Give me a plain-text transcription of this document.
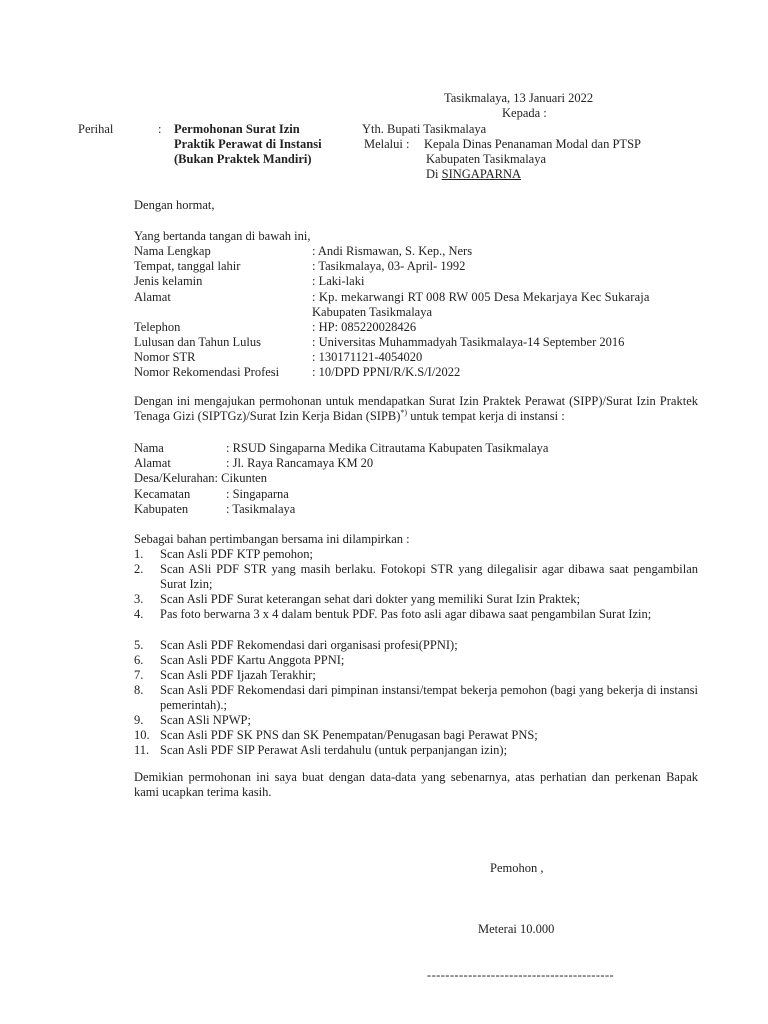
Tasikmalaya, 13 Januari 2022
Kepada :
Perihal	: Permohonan Surat Izin
Praktik Perawat di Instansi
(Bukan Praktek Mandiri)
Yth. Bupati Tasikmalaya
Melalui : Kepala Dinas Penanaman Modal dan PTSP
Kabupaten Tasikmalaya
Di SINGAPARNA
Dengan hormat,
Yang bertanda tangan di bawah ini,
Nama Lengkap	: Andi Rismawan, S. Kep., Ners
Tempat, tanggal lahir	: Tasikmalaya, 03- April- 1992
Jenis kelamin	: Laki-laki
Alamat	: Kp. mekarwangi RT 008 RW 005 Desa Mekarjaya Kec Sukaraja
Kabupaten Tasikmalaya
Telephon	: HP: 085220028426
Lulusan dan Tahun Lulus	: Universitas Muhammadyah Tasikmalaya-14 September 2016
Nomor STR	: 130171121-4054020
Nomor Rekomendasi Profesi	: 10/DPD PPNI/R/K.S/I/2022
Dengan ini mengajukan permohonan untuk mendapatkan Surat Izin Praktek Perawat (SIPP)/Surat Izin Praktek Tenaga Gizi (SIPTGz)/Surat Izin Kerja Bidan (SIPB)*) untuk tempat kerja di instansi :
Nama	: RSUD Singaparna Medika Citrautama Kabupaten Tasikmalaya
Alamat	: Jl. Raya Rancamaya KM 20
Desa/Kelurahan: Cikunten
Kecamatan	: Singaparna
Kabupaten	: Tasikmalaya
Sebagai bahan pertimbangan bersama ini dilampirkan :
1. Scan Asli PDF KTP pemohon;
2. Scan ASli PDF STR yang masih berlaku. Fotokopi STR yang dilegalisir agar dibawa saat pengambilan Surat Izin;
3. Scan Asli PDF Surat keterangan sehat dari dokter yang memiliki Surat Izin Praktek;
4. Pas foto berwarna 3 x 4 dalam bentuk PDF. Pas foto asli agar dibawa saat pengambilan Surat Izin;
5. Scan Asli PDF Rekomendasi dari organisasi profesi(PPNI);
6. Scan Asli PDF Kartu Anggota PPNI;
7. Scan Asli PDF Ijazah Terakhir;
8. Scan Asli PDF Rekomendasi dari pimpinan instansi/tempat bekerja pemohon (bagi yang bekerja di instansi pemerintah).;
9. Scan ASli NPWP;
10. Scan Asli PDF SK PNS dan SK Penempatan/Penugasan bagi Perawat PNS;
11. Scan Asli PDF SIP Perawat Asli terdahulu (untuk perpanjangan izin);
Demikian permohonan ini saya buat dengan data-data yang sebenarnya, atas perhatian dan perkenan Bapak kami ucapkan terima kasih.
Pemohon ,
Meterai 10.000
-----------------------------------------
